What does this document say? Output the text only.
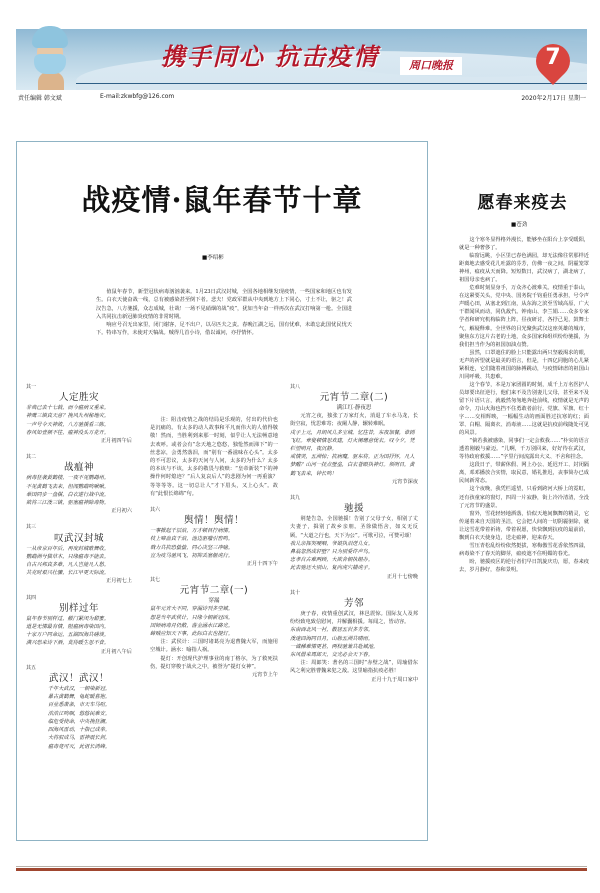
携手同心 抗击疫情	周口晚报	7
责任编辑 韩文斌	E-mail:zkwbfg@126.com	2020年2月17日 星期一
战疫情·鼠年春节十章
■李绍彬

值鼠年春节，新型冠状病毒汹汹袭来。1月23日武汉封城，全国各地相继发现疫情，一些国家和地区也有发生。白衣天使奋战一线，总有被感染甚至倒下者。悲夫！党政军群从中央到地方上下同心，寸土不让，驱之！武汉告急，八方驰援，众志成城，壮哉！一场不见硝烟的战“疫”，犹如当年奋一样再次在武汉打响第一枪。全国进入共同抗击新冠肺炎疫情的非常时期。

响应号召无出家里，闭门谢客，足不出户，以尽匹夫之责。春晚江湖之远，国有忧难，未敢忘此国忧民忧天下。特串写作，未使对天犒战。贼得几首小诗，借以诚问，亦抒情怀。

其一
人定胜灾

非典已去十七载，而今瘟病又重来。

神鹰三镇真天意？挽风九州秘地灾。

一声号令天神敛，八方驰援看三陈。

春风如壹频不往，瘟神没头万花开。

正月初四午后
其二
战瘟神

病毒狂袭黄鹤楼，一夜不见鹦鹉州。

不见黄鹤飞去来，但闻鹦鹉鸣啾啾。

举国同步一盘棋，白衣逆行战中流。

欲将三江泼三镇，驱塞瘟神除毒物。

正月初六
其三
叹武汉封城

一从帝京百年后，再度封城歌舞收。

鹦鹉洲兮猫草木，只缘瘟毒不能去。

自古兴邦真多难，凡人岂能凡人愁。

共克时艰兴壮骤，长江早更天际流。

正月初七上
其四
别样过年

鼠年春节别样过，敝门紧闭为甜蜜。

道是无情最有情，阻瘟病毒染国内。

十家万户同命运，五湖四海共磋谈。

满兴恐来诗下酒，莫待暖生思不食。

正月初八午后
其五
武汉！武汉！

千年大武汉，一朝染新冠。

暴古黄鹤舞，龟蛇暖暮抱。

百业悉萧条，市天车马喧。

浩浩江鸣咽，悠悠民难安。

临危受使命，中央挽狂澜。

四海风雷动，十指已成拳。

大将驭成马，雷神震长剑。

瘟毒竟可灭，此诅长鸿峰。

注：阻击疫情之战的结局是乐观的，付出的代价也是沉痛的。有太多的动人故事和平凡而伟大的人值得敬敬！然而，当胜利到来那一时刻，似乎让人无法畅意地去欢呼。或者会有“念天地之悠悠，独怆然而涕下”的一丝悲凉，会勇然落泪，而“别有一番滋味在心头”。太多的不可思议，太多的天问与人问，太多的为什么？太多的本该与不该，太多的敬畏与救赎：“皇帝新装”下的神操作何时熄迹？“后人复哀后人”的悲剧为何一再重演？等等等等。这一切总让人“才下眉头，又上心头”。故有“此恨长绵绵”句。

其六
舆情！舆情！

一事掀起千层浪，万才顿目拧病情。

枝上啼血真千浪，池边驱嗤引窖鸣。

戮力共抗恐蛰蛰，同心决坚三冲喻。

宜为疫马驰风飞，初抑丢塞偃虎行。

正月十四下午
其七
元宵节二章(一)
穿漏

鼠年元宵大不同，穿漏诗刊多空城。

想是当年武侯计，只缘今朝新冠凶。

国师病毒月仍散，落金涵水江路光。

蟑贼应知天下事，此际白衣也提灯。

注：武侯计：三国时诸葛亮为退曹魏大军，而施用空城计。涵水：喻指人祸。

提灯：开创现代护理事业的南丁格尔，为了救死扶伤，提灯穿梭于战火之中，被誉为“提灯女神”。

元宵节上午
其八
元宵节二章(二)
满江红·静夜思

元宵之夜，独张了万家灯火，消退了车水马龙，长街空寂，忧思难寄；夜阑人静，辗转难眠。

戌子上元，月朗风儿多宝城。忆往昔，东夜加餐，谁剧飞红。章叟顿情思欢建，灯火阑珊意忧衣。叹今夕，凭栏望明月，夜沉静。

戒情哭，五洲惊；抗病魔，驱东将。正为国抒怀，凡人梦醒？山河一抚点壁垒，白衣苍眼执神灯。须明日，黄鹤飞去来，钟长鸣！

元宵节深夜
其九
驰援

荆楚告急，全国驰援！告别了父母子女，相别了丈夫妻子，揖别了故乡亲朋。圣徐做悟舍，如义无反顾。“大道之行也，天下为公”。可歌可泣，可赞可颂！

我儿亲挥哭哽咽，爷娘执泪送儿女。

鼻翁忽然成轩壁？只为别爱许声鸟。

忠孝自古难两顾，大欲舍朝执组办。

此去驰还大别山，复向虎穴捕虎子。

正月十七傍晚
其十
芳邻

庚子春，疫情重创武汉，林邑震惊。国际友人及邦纷纷致电致信慰问，并解囊相援。每闻之，皆动容。

东南西北风一衬，散居五岩多芳邻。

泼迷四海同日月，山脉五洲共晴雨。

一诚稀难情更甚，两校驰兼共赴城池。

东风借来周郎天，交光必会天下春。

注：周郎笑：著名的三国时“赤壁之战”，周瑜借东风之利完胜曹魏来犯之敌。这里喻指抗疫必胜！

正月十九于周口家中
愿春来疫去
■苍劲

这个寒冬显得格外漫长，能够坐在阳台上享受暖阳，就是一种奢侈了。

临窗远眺，小区里已春色满园，却无法像往常那样近距离地去感受花儿吐露的芬芳，仿佛一夜之间，阴霾笼罩神州，瘟疫从天而降。短短数日，武汉病了，湖北病了，祖国母亲也病了。

危难时刻显身手，万众齐心渡难关。疫情重于泰山，在这紧要关头，党中央、国务院千钧重任勇承担，号令声声暖心田，从塞北到江南，从东海之滨至雪域高原，广大干群闻风而动，同仇敌忾。钟南山、李兰娟……众多专家学者和研究机构临阵上阵，昼夜研讨，各抒己见，鼓舞士气，解疑释难。全世界的目光聚焦武汉这座英雄的城市，聚焦东方这片古老的土地，众多国家和组织纷纷驰援，为我们担当作为的祖国加油点赞。

虽然，口罩遮住的脸上只能露出两只坚毅渴求的眼，无声的祈望就是最美的语言，但是，十四亿同胞的心儿紧紧相连，它们随着祖国的脉搏跳动，与疫情肆虐的祖国山川同呼吸、共患难。

这个春节，本是万家团圆的时刻，成千上万名医护人员却要出征逆行，他们来不及告别妻儿父母，甚至来不及留下片语只言，就毅然匆匆地奔赴前线，疫情就是无声的命令，刀山火海也挡不住勇敢者前行。党旗、军旗、红十字……交相辉映，一幅幅生动的画面胜过抗寒的红；面罩、白帽、隔离衣、消毒液……这就是抗疫前线随处可见的风景。

“倘若我被感染，同事们一定会救我……”朴实的语言透着刚毅与豪迈。“儿啊，千万别回来，好好待在武汉，等待政府救援……”字里行间流露出大义、不舍和挂念。

这段日子，带薪休假、网上办公、延迟开工、封闭隔离，邓邓播放合实情，取民意，婚礼推迟，丧事简办已成民间新常态。

这个夜晚，我凭栏遥望，只看到跨河大桥上的霓虹，还有孩童家的窗灯，四周一片寂静，街上冷冷清清，全没了元宵节的盛景。

窗外，雪花轻轻地洒落，恰似天地间飘舞的精灵，它传递着来自天国的圣洁，它会把人间的一切阴霾驱除，就让这雪花带着祈祷，带着祝愿，快快飘到抗疫的最前沿，飘到白衣天使身边，送走瘟神，迎来春天。

雪压青松乱纷纷依然挺拔，寒梅傲雪花香依然四溢，病毒染不了春天的脚芽，瘟疫遮不住明媚的春光。

盼，驰援疫区的逆行者们早日凯旋庆功，愿，春来疫去，岁月静好，春和景明。
